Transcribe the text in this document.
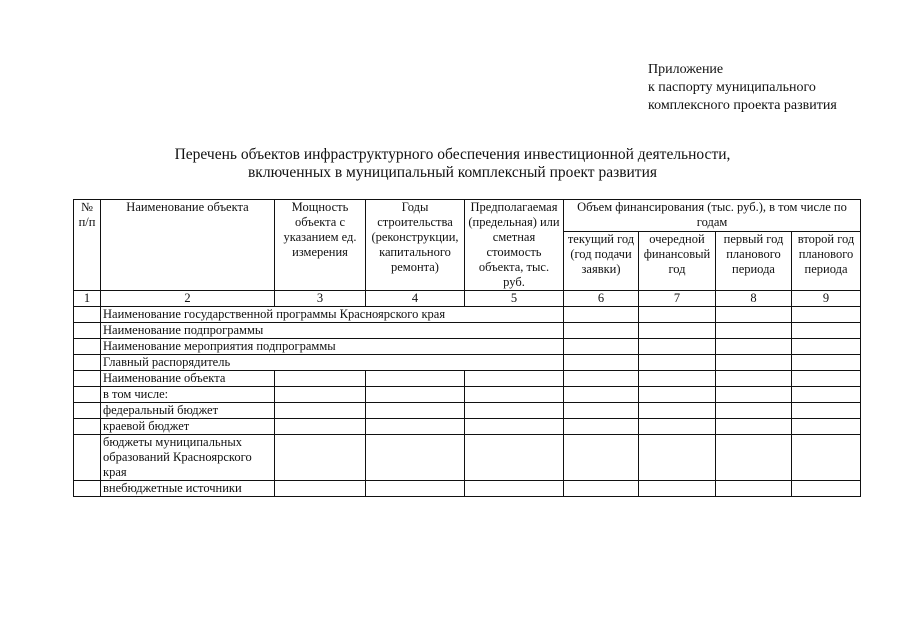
Приложение
к паспорту муниципального
комплексного проекта развития
Перечень объектов инфраструктурного обеспечения инвестиционной деятельности,
включенных в муниципальный комплексный проект развития
№ п/п	Наименование объекта	Мощность объекта с указанием ед. измерения	Годы строительства (реконструкции, капитального ремонта)	Предполагаемая (предельная) или сметная стоимость объекта, тыс. руб.	Объем финансирования (тыс. руб.), в том числе по годам			
					текущий год (год подачи заявки)	очередной финансовый год	первый год планового периода	второй год планового периода
1	2	3	4	5	6	7	8	9
	Наименование государственной программы Красноярского края							
	Наименование подпрограммы							
	Наименование мероприятия подпрограммы							
	Главный распорядитель							
	Наименование объекта							
	в том числе:							
	федеральный бюджет							
	краевой бюджет							
	бюджеты муниципальных образований Красноярского края							
	внебюджетные источники							
